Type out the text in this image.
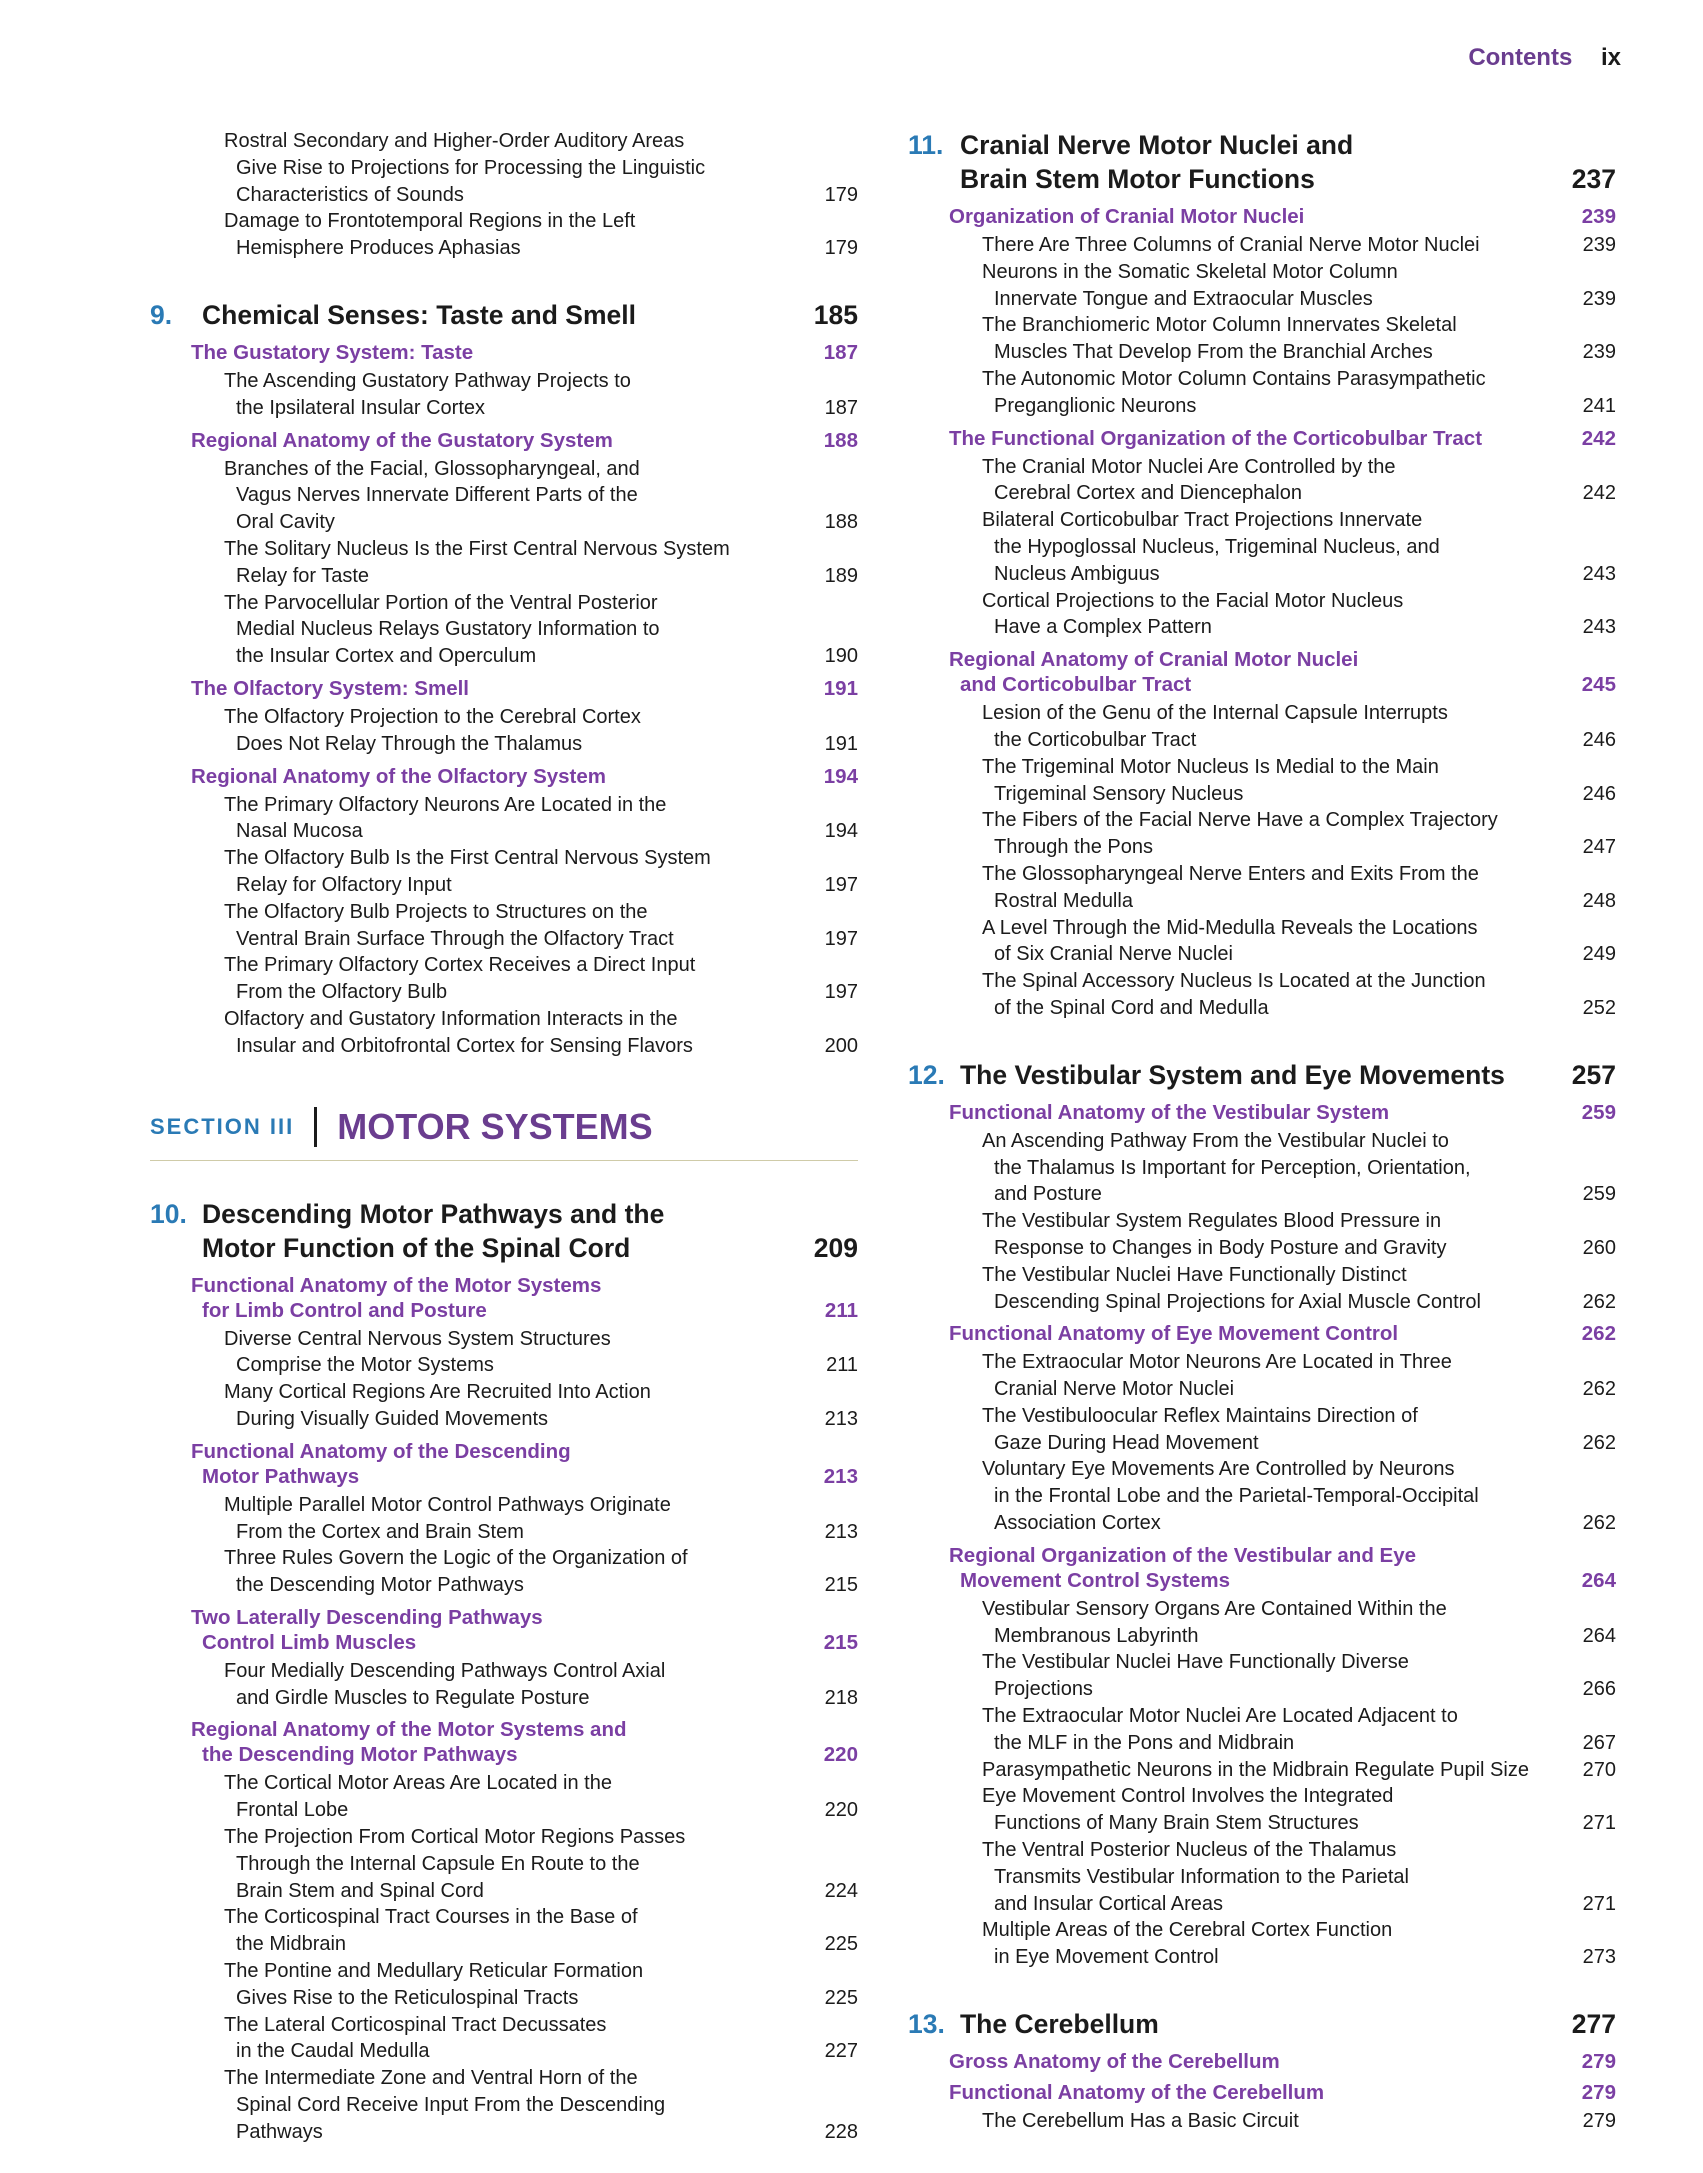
Contents ix
Rostral Secondary and Higher-Order Auditory Areas
Give Rise to Projections for Processing the Linguistic
Characteristics of Sounds	179
Damage to Frontotemporal Regions in the Left
Hemisphere Produces Aphasias	179
9. Chemical Senses: Taste and Smell	185
The Gustatory System: Taste	187
The Ascending Gustatory Pathway Projects to
the Ipsilateral Insular Cortex	187
Regional Anatomy of the Gustatory System	188
Branches of the Facial, Glossopharyngeal, and
Vagus Nerves Innervate Different Parts of the
Oral Cavity	188
The Solitary Nucleus Is the First Central Nervous System
Relay for Taste	189
The Parvocellular Portion of the Ventral Posterior
Medial Nucleus Relays Gustatory Information to
the Insular Cortex and Operculum	190
The Olfactory System: Smell	191
The Olfactory Projection to the Cerebral Cortex
Does Not Relay Through the Thalamus	191
Regional Anatomy of the Olfactory System	194
The Primary Olfactory Neurons Are Located in the
Nasal Mucosa	194
The Olfactory Bulb Is the First Central Nervous System
Relay for Olfactory Input	197
The Olfactory Bulb Projects to Structures on the
Ventral Brain Surface Through the Olfactory Tract	197
The Primary Olfactory Cortex Receives a Direct Input
From the Olfactory Bulb	197
Olfactory and Gustatory Information Interacts in the
Insular and Orbitofrontal Cortex for Sensing Flavors	200
SECTION III MOTOR SYSTEMS
10. Descending Motor Pathways and the
Motor Function of the Spinal Cord	209
Functional Anatomy of the Motor Systems
for Limb Control and Posture	211
Diverse Central Nervous System Structures
Comprise the Motor Systems	211
Many Cortical Regions Are Recruited Into Action
During Visually Guided Movements	213
Functional Anatomy of the Descending
Motor Pathways	213
Multiple Parallel Motor Control Pathways Originate
From the Cortex and Brain Stem	213
Three Rules Govern the Logic of the Organization of
the Descending Motor Pathways	215
Two Laterally Descending Pathways
Control Limb Muscles	215
Four Medially Descending Pathways Control Axial
and Girdle Muscles to Regulate Posture	218
Regional Anatomy of the Motor Systems and
the Descending Motor Pathways	220
The Cortical Motor Areas Are Located in the
Frontal Lobe	220
The Projection From Cortical Motor Regions Passes
Through the Internal Capsule En Route to the
Brain Stem and Spinal Cord	224
The Corticospinal Tract Courses in the Base of
the Midbrain	225
The Pontine and Medullary Reticular Formation
Gives Rise to the Reticulospinal Tracts	225
The Lateral Corticospinal Tract Decussates
in the Caudal Medulla	227
The Intermediate Zone and Ventral Horn of the
Spinal Cord Receive Input From the Descending
Pathways	228
11. Cranial Nerve Motor Nuclei and
Brain Stem Motor Functions	237
Organization of Cranial Motor Nuclei	239
There Are Three Columns of Cranial Nerve Motor Nuclei	239
Neurons in the Somatic Skeletal Motor Column
Innervate Tongue and Extraocular Muscles	239
The Branchiomeric Motor Column Innervates Skeletal
Muscles That Develop From the Branchial Arches	239
The Autonomic Motor Column Contains Parasympathetic
Preganglionic Neurons	241
The Functional Organization of the Corticobulbar Tract	242
The Cranial Motor Nuclei Are Controlled by the
Cerebral Cortex and Diencephalon	242
Bilateral Corticobulbar Tract Projections Innervate
the Hypoglossal Nucleus, Trigeminal Nucleus, and
Nucleus Ambiguus	243
Cortical Projections to the Facial Motor Nucleus
Have a Complex Pattern	243
Regional Anatomy of Cranial Motor Nuclei
and Corticobulbar Tract	245
Lesion of the Genu of the Internal Capsule Interrupts
the Corticobulbar Tract	246
The Trigeminal Motor Nucleus Is Medial to the Main
Trigeminal Sensory Nucleus	246
The Fibers of the Facial Nerve Have a Complex Trajectory
Through the Pons	247
The Glossopharyngeal Nerve Enters and Exits From the
Rostral Medulla	248
A Level Through the Mid-Medulla Reveals the Locations
of Six Cranial Nerve Nuclei	249
The Spinal Accessory Nucleus Is Located at the Junction
of the Spinal Cord and Medulla	252
12. The Vestibular System and Eye Movements	257
Functional Anatomy of the Vestibular System	259
An Ascending Pathway From the Vestibular Nuclei to
the Thalamus Is Important for Perception, Orientation,
and Posture	259
The Vestibular System Regulates Blood Pressure in
Response to Changes in Body Posture and Gravity	260
The Vestibular Nuclei Have Functionally Distinct
Descending Spinal Projections for Axial Muscle Control	262
Functional Anatomy of Eye Movement Control	262
The Extraocular Motor Neurons Are Located in Three
Cranial Nerve Motor Nuclei	262
The Vestibuloocular Reflex Maintains Direction of
Gaze During Head Movement	262
Voluntary Eye Movements Are Controlled by Neurons
in the Frontal Lobe and the Parietal-Temporal-Occipital
Association Cortex	262
Regional Organization of the Vestibular and Eye
Movement Control Systems	264
Vestibular Sensory Organs Are Contained Within the
Membranous Labyrinth	264
The Vestibular Nuclei Have Functionally Diverse
Projections	266
The Extraocular Motor Nuclei Are Located Adjacent to
the MLF in the Pons and Midbrain	267
Parasympathetic Neurons in the Midbrain Regulate Pupil Size	270
Eye Movement Control Involves the Integrated
Functions of Many Brain Stem Structures	271
The Ventral Posterior Nucleus of the Thalamus
Transmits Vestibular Information to the Parietal
and Insular Cortical Areas	271
Multiple Areas of the Cerebral Cortex Function
in Eye Movement Control	273
13. The Cerebellum	277
Gross Anatomy of the Cerebellum	279
Functional Anatomy of the Cerebellum	279
The Cerebellum Has a Basic Circuit	279
